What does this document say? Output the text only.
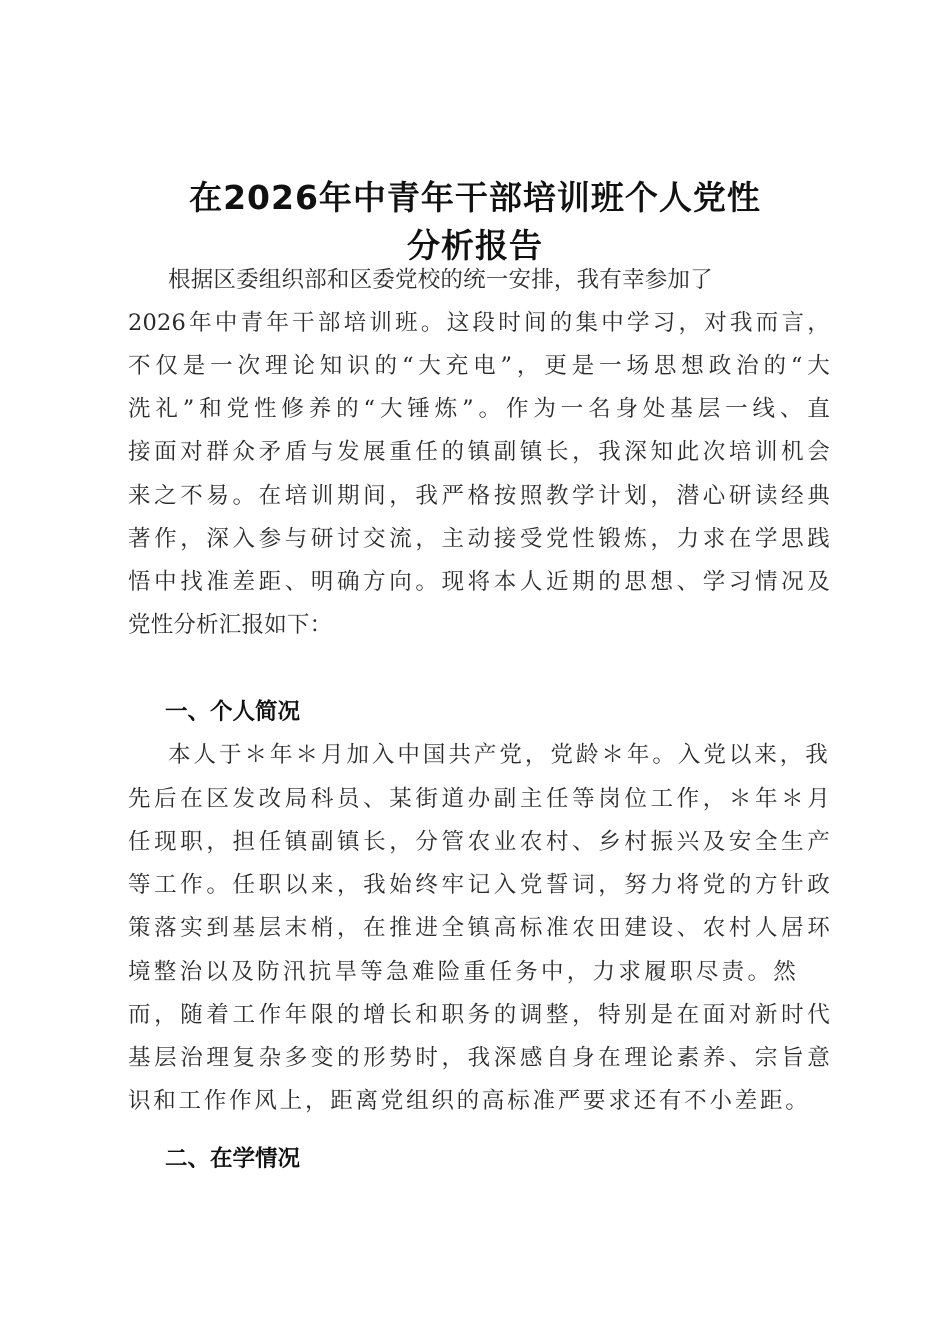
在2026年中青年干部培训班个人党性
分析报告
根据区委组织部和区委党校的统一安排，我有幸参加了
2026年中青年干部培训班。这段时间的集中学习，对我而言，
不仅是一次理论知识的“大充电”，更是一场思想政治的“大
洗礼”和党性修养的“大锤炼”。作为一名身处基层一线、直
接面对群众矛盾与发展重任的镇副镇长，我深知此次培训机会
来之不易。在培训期间，我严格按照教学计划，潜心研读经典
著作，深入参与研讨交流，主动接受党性锻炼，力求在学思践
悟中找准差距、明确方向。现将本人近期的思想、学习情况及
党性分析汇报如下：
一、个人简况
本人于＊年＊月加入中国共产党，党龄＊年。入党以来，我
先后在区发改局科员、某街道办副主任等岗位工作，＊年＊月
任现职，担任镇副镇长，分管农业农村、乡村振兴及安全生产
等工作。任职以来，我始终牢记入党誓词，努力将党的方针政
策落实到基层末梢，在推进全镇高标准农田建设、农村人居环
境整治以及防汛抗旱等急难险重任务中，力求履职尽责。然
而，随着工作年限的增长和职务的调整，特别是在面对新时代
基层治理复杂多变的形势时，我深感自身在理论素养、宗旨意
识和工作作风上，距离党组织的高标准严要求还有不小差距。
二、在学情况
